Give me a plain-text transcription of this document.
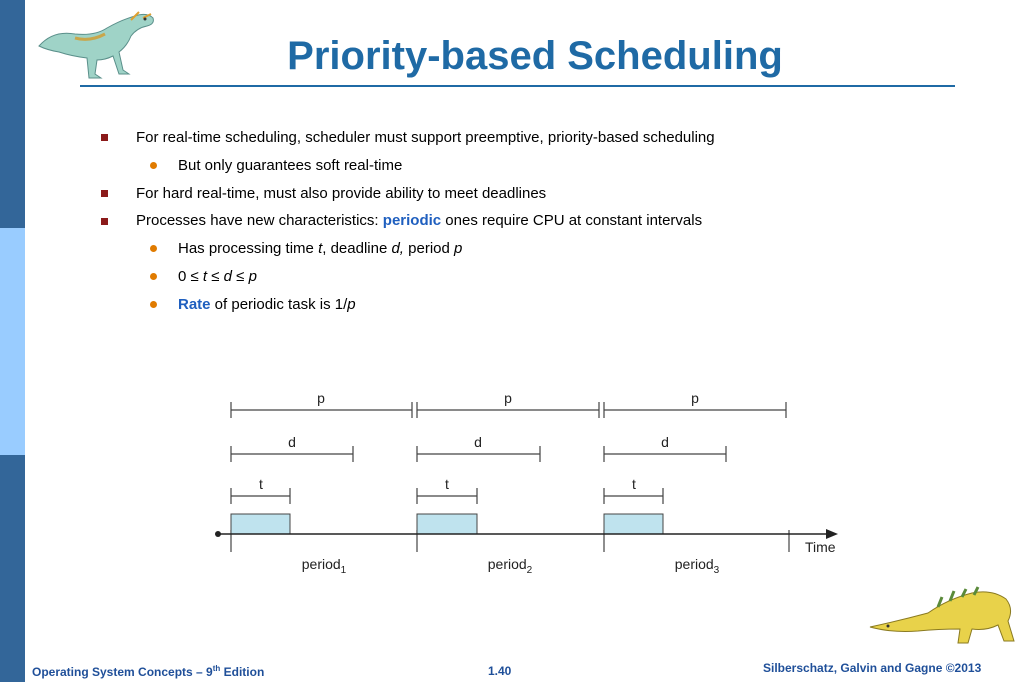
Priority-based Scheduling
For real-time scheduling, scheduler must support preemptive, priority-based scheduling
But only guarantees soft real-time
For hard real-time, must also provide ability to meet deadlines
Processes have new characteristics: periodic ones require CPU at constant intervals
Has processing time t, deadline d, period p
0 ≤ t ≤ d ≤ p
Rate of periodic task is 1/p
p	p	p
d	d	d
t	t	t
period$_1$	period$_2$	period$_3$
Time
Operating System Concepts – 9th Edition	1.40	Silberschatz, Galvin and Gagne ©2013
